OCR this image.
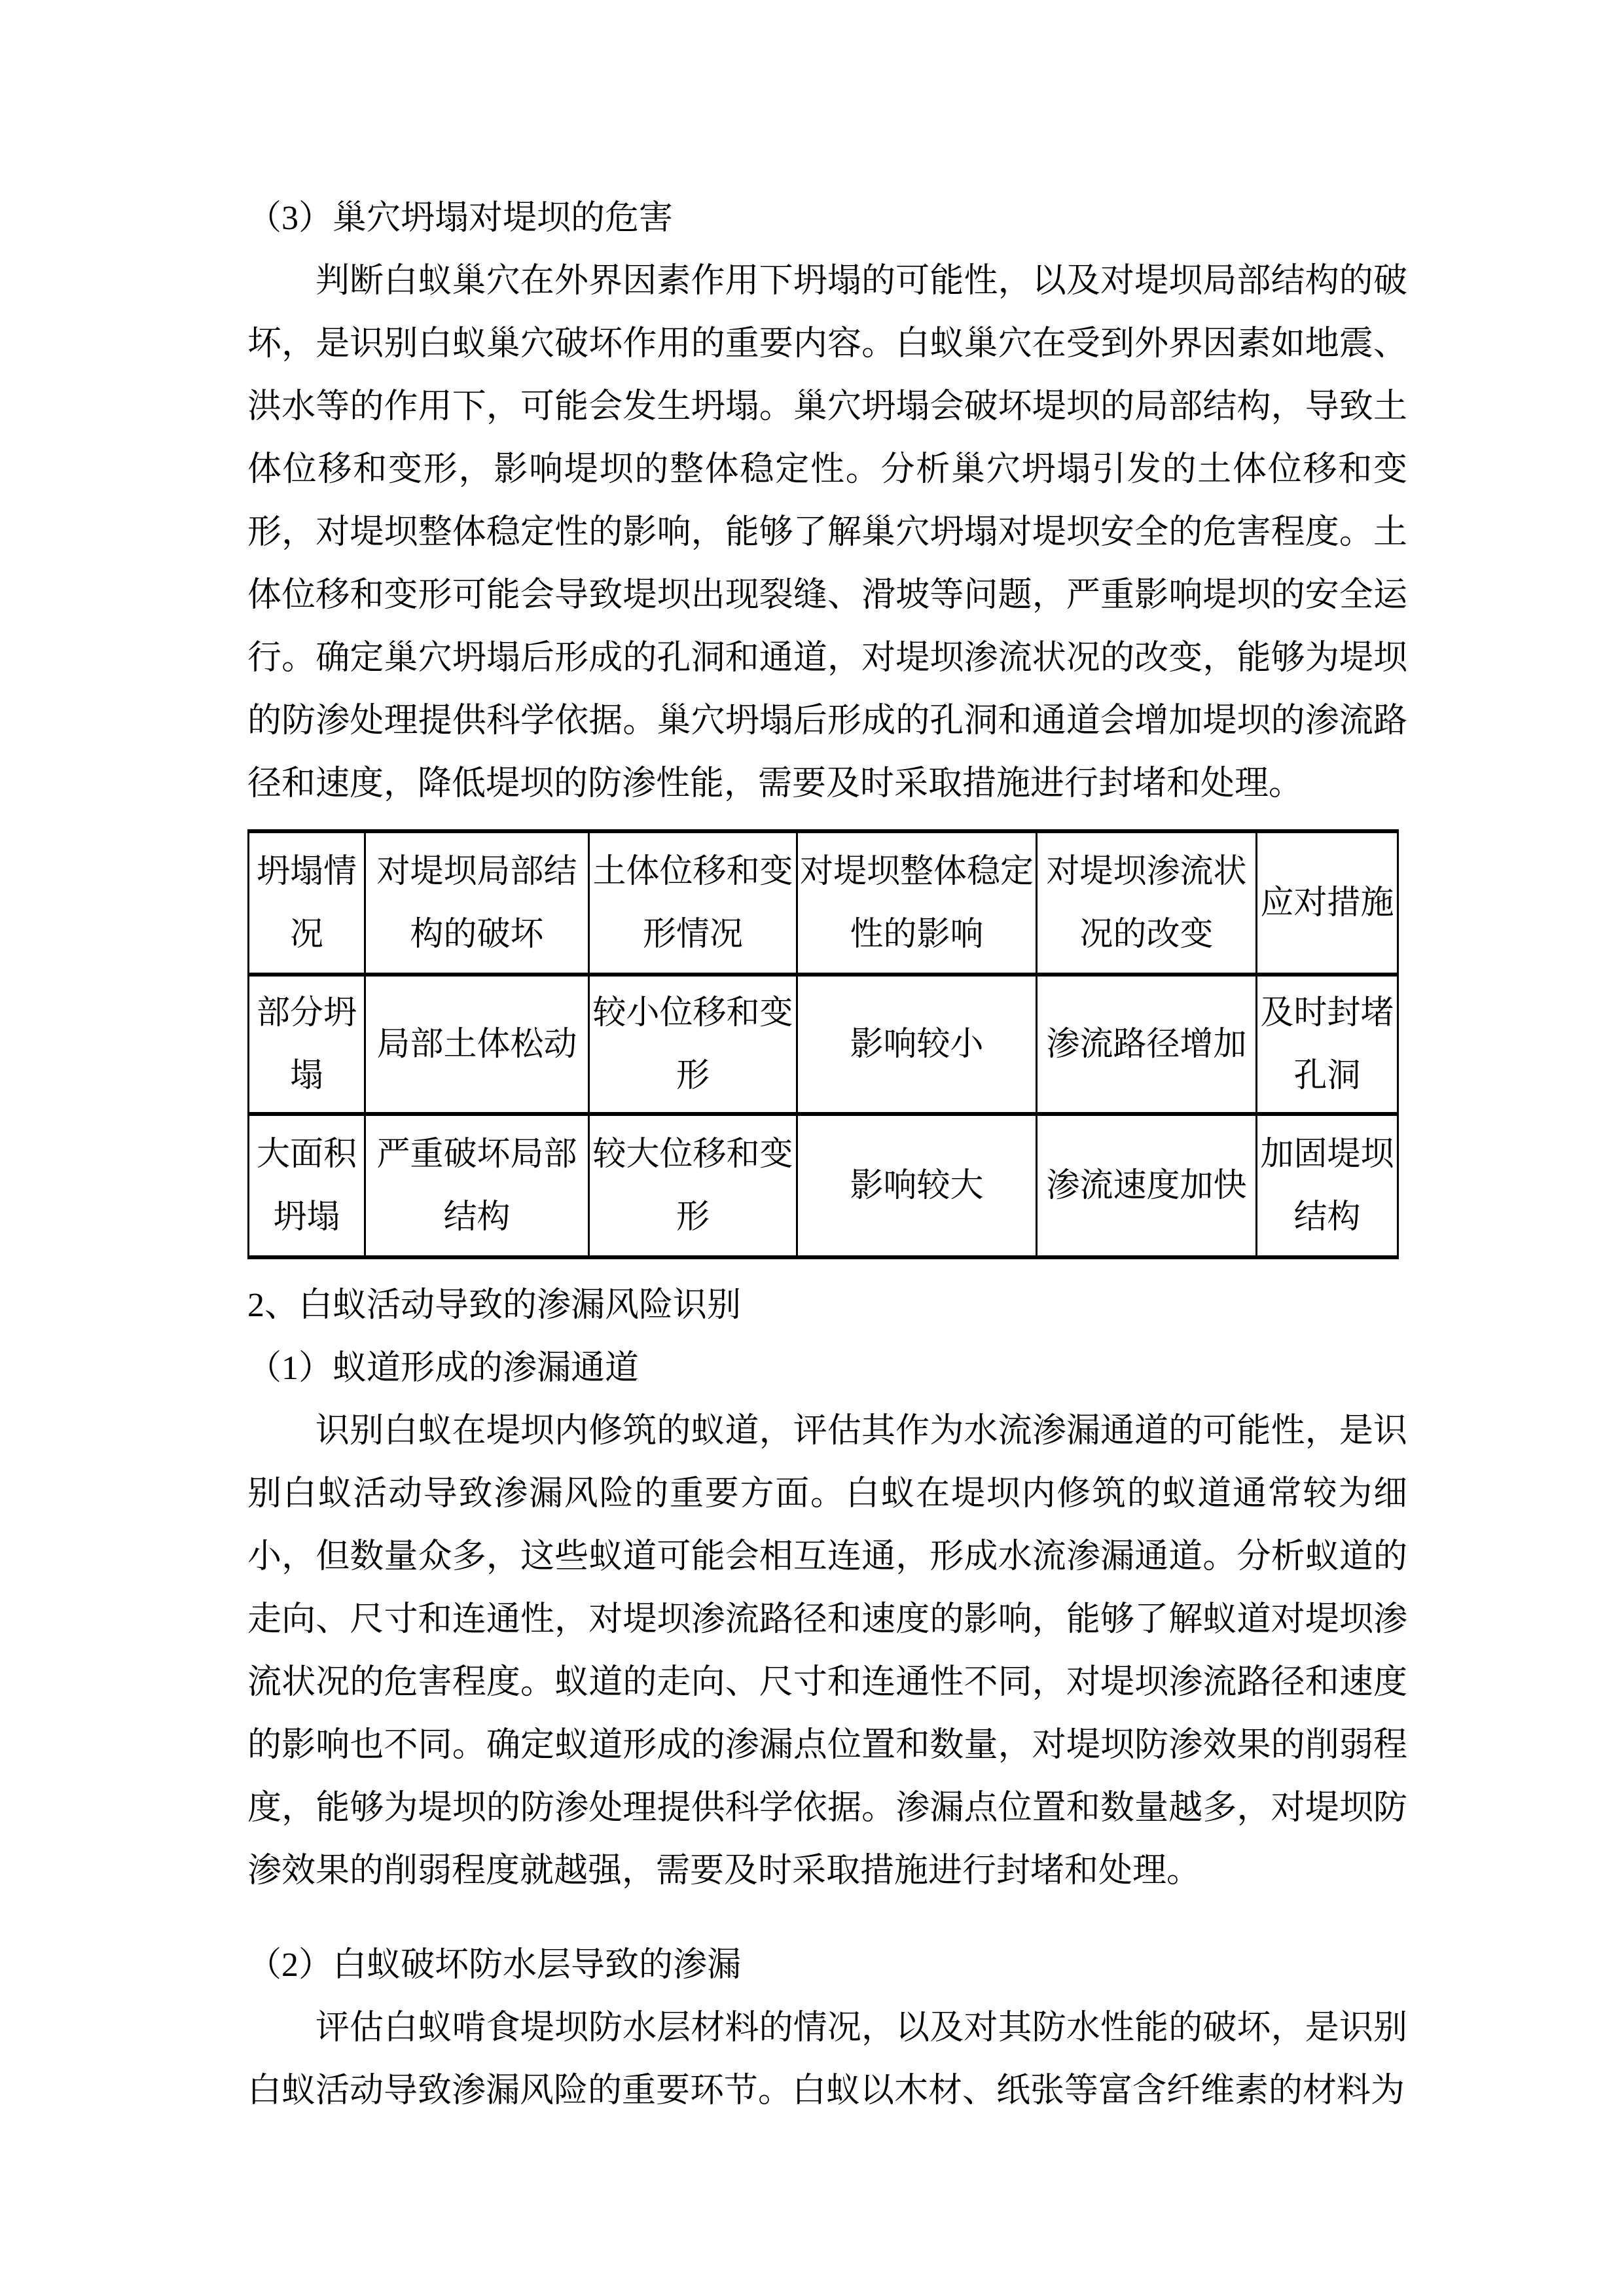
（3）巢穴坍塌对堤坝的危害

判断白蚁巢穴在外界因素作用下坍塌的可能性，以及对堤坝局部结构的破坏，是识别白蚁巢穴破坏作用的重要内容。白蚁巢穴在受到外界因素如地震、洪水等的作用下，可能会发生坍塌。巢穴坍塌会破坏堤坝的局部结构，导致土体位移和变形，影响堤坝的整体稳定性。分析巢穴坍塌引发的土体位移和变形，对堤坝整体稳定性的影响，能够了解巢穴坍塌对堤坝安全的危害程度。土体位移和变形可能会导致堤坝出现裂缝、滑坡等问题，严重影响堤坝的安全运行。确定巢穴坍塌后形成的孔洞和通道，对堤坝渗流状况的改变，能够为堤坝的防渗处理提供科学依据。巢穴坍塌后形成的孔洞和通道会增加堤坝的渗流路径和速度，降低堤坝的防渗性能，需要及时采取措施进行封堵和处理。

坍塌情况	对堤坝局部结构的破坏	土体位移和变形情况	对堤坝整体稳定性的影响	对堤坝渗流状况的改变	应对措施
部分坍塌	局部土体松动	较小位移和变形	影响较小	渗流路径增加	及时封堵孔洞
大面积坍塌	严重破坏局部结构	较大位移和变形	影响较大	渗流速度加快	加固堤坝结构
2、白蚁活动导致的渗漏风险识别
（1）蚁道形成的渗漏通道

识别白蚁在堤坝内修筑的蚁道，评估其作为水流渗漏通道的可能性，是识别白蚁活动导致渗漏风险的重要方面。白蚁在堤坝内修筑的蚁道通常较为细小，但数量众多，这些蚁道可能会相互连通，形成水流渗漏通道。分析蚁道的走向、尺寸和连通性，对堤坝渗流路径和速度的影响，能够了解蚁道对堤坝渗流状况的危害程度。蚁道的走向、尺寸和连通性不同，对堤坝渗流路径和速度的影响也不同。确定蚁道形成的渗漏点位置和数量，对堤坝防渗效果的削弱程度，能够为堤坝的防渗处理提供科学依据。渗漏点位置和数量越多，对堤坝防渗效果的削弱程度就越强，需要及时采取措施进行封堵和处理。

（2）白蚁破坏防水层导致的渗漏

评估白蚁啃食堤坝防水层材料的情况，以及对其防水性能的破坏，是识别白蚁活动导致渗漏风险的重要环节。白蚁以木材、纸张等富含纤维素的材料为
